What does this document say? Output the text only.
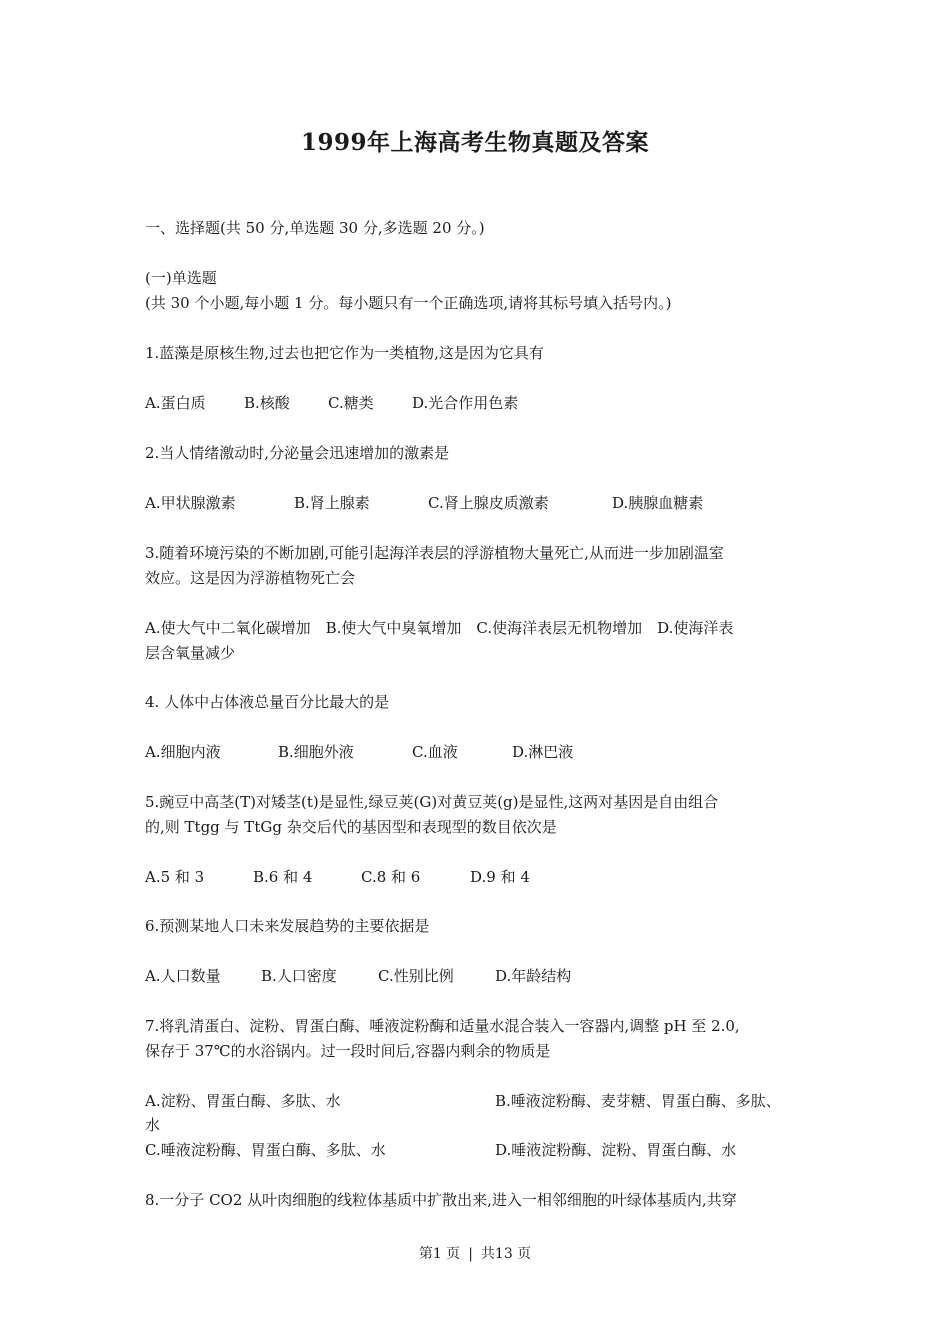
1999年上海高考生物真题及答案
一、选择题(共 50 分,单选题 30 分,多选题 20 分。)
(一)单选题
(共 30 个小题,每小题 1 分。每小题只有一个正确选项,请将其标号填入括号内。)
1.蓝藻是原核生物,过去也把它作为一类植物,这是因为它具有
A.蛋白质	B.核酸	C.糖类	D.光合作用色素
2.当人情绪激动时,分泌量会迅速增加的激素是
A.甲状腺激素	B.肾上腺素	C.肾上腺皮质激素	D.胰腺血糖素
3.随着环境污染的不断加剧,可能引起海洋表层的浮游植物大量死亡,从而进一步加剧温室
效应。这是因为浮游植物死亡会
A.使大气中二氧化碳增加　B.使大气中臭氧增加　C.使海洋表层无机物增加　D.使海洋表
层含氧量减少
4. 人体中占体液总量百分比最大的是
A.细胞内液	B.细胞外液	C.血液	D.淋巴液
5.豌豆中高茎(T)对矮茎(t)是显性,绿豆荚(G)对黄豆荚(g)是显性,这两对基因是自由组合
的,则 Ttgg 与 TtGg 杂交后代的基因型和表现型的数目依次是
A.5 和 3	B.6 和 4	C.8 和 6	D.9 和 4
6.预测某地人口未来发展趋势的主要依据是
A.人口数量	B.人口密度	C.性别比例	D.年龄结构
7.将乳清蛋白、淀粉、胃蛋白酶、唾液淀粉酶和适量水混合装入一容器内,调整 pH 至 2.0,
保存于 37℃的水浴锅内。过一段时间后,容器内剩余的物质是
A.淀粉、胃蛋白酶、多肽、水	B.唾液淀粉酶、麦芽糖、胃蛋白酶、多肽、
水
C.唾液淀粉酶、胃蛋白酶、多肽、水	D.唾液淀粉酶、淀粉、胃蛋白酶、水
8.一分子 CO2 从叶肉细胞的线粒体基质中扩散出来,进入一相邻细胞的叶绿体基质内,共穿
第1 页 | 共13 页
